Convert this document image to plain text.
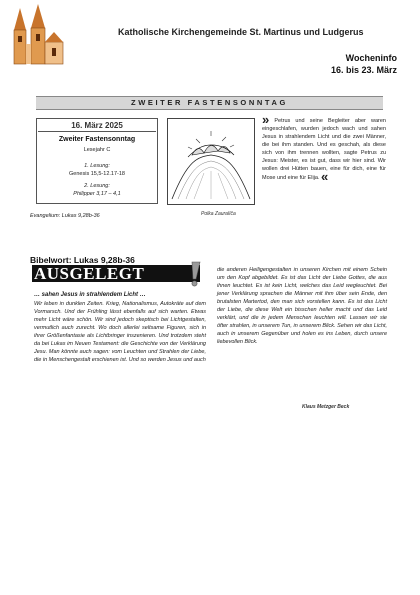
Katholische Kirchengemeinde St. Martinus und Ludgerus
Wocheninfo
16. bis 23. März
ZWEITER FASTENSONNTAG
16. März 2025
Zweiter Fastensonntag
Lesejahr C
1. Lesung:
Genesis 15,5-12.17-18
2. Lesung:
Philipper 3,17 – 4,1
Evangelium: Lukas 9,28b-36	Polka Zauralíča
» Petrus und seine Begleiter aber waren eingeschlafen, wurden jedoch wach und sahen Jesus in strahlendem Licht und die zwei Männer, die bei ihm standen. Und es geschah, als diese sich von ihm trennen wollten, sagte Petrus zu Jesus: Meister, es ist gut, dass wir hier sind. Wir wollen drei Hütten bauen, eine für dich, eine für Mose und eine für Elija. «
Bibelwort: Lukas 9,28b-36
AUSGELEGT
… sahen Jesus in strahlendem Licht …
Wir leben in dunklen Zeiten. Krieg, Nationalismus, Autokräte auf dem Vormarsch. Und der Frühling lässt ebenfalls auf sich warten. Etwas mehr Licht wäre schön. Wir sind jedoch skeptisch bei Lichtgestalten, vermutlich auch zurecht. Wo doch allerlei seltsame Figuren, sich in ihrer Größenfantasie als Lichtbringer inszenieren. Und trotzdem steht da bei Lukas im Neuen Testament: die Geschichte von der Verklärung Jesu. Man könnte auch sagen: vom Leuchten und Strahlen der Liebe, die in Menschengestalt erschienen ist. Und so werden Jesus und auch
die anderen Heiligengestalten in unseren Kirchen mit einem Schein um den Kopf abgebildet. Es ist das Licht der Liebe Gottes, die aus ihnen leuchtet. Es ist kein Licht, welches das Leid wegleuchtet. Bei jener Verklärung sprachen die Männer mit ihm über sein Ende, den brutalsten Martertod, den man sich vorstellen kann. Es ist das Licht der Liebe, die diese Welt ein bisschen heller macht und das Leid verklärt, und die in jedem Menschen leuchten will. Lassen wir sie öfter strahlen, in unserem Tun, in unserem Blick. Sehen wir das Licht, auch in unserem Gegenüber und holen es ins Leben, durch unsere liebevollen Blick.
Klaus Metzger Beck
